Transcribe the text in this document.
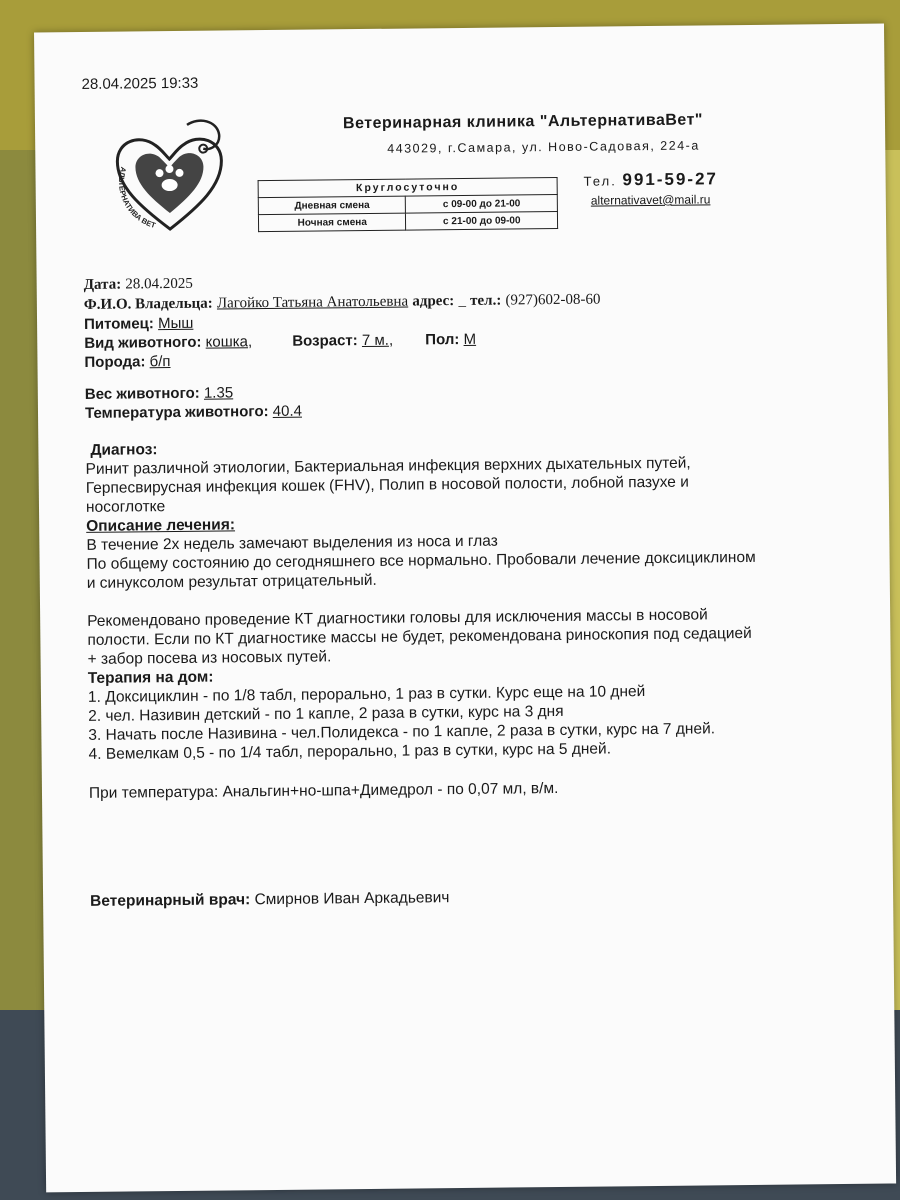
28.04.2025 19:33
АЛЬТЕРНАТИВА ВЕТ
Ветеринарная клиника "АльтернативаВет"
443029, г.Самара, ул. Ново-Садовая, 224-а
Круглосуточно	
Дневная смена	с 09-00 до 21-00
Ночная смена	с 21-00 до 09-00
Тел. 991-59-27
alternativavet@mail.ru
Дата: 28.04.2025
Ф.И.О. Владельца: Лагойко Татьяна Анатольевна адрес: _ тел.: (927)602-08-60
Питомец: Мыш
Вид животного: кошка,	Возраст: 7 м., Пол: М
Порода: б/п
Вес животного: 1.35
Температура животного: 40.4
Диагноз:
Ринит различной этиологии, Бактериальная инфекция верхних дыхательных путей,
Герпесвирусная инфекция кошек (FHV), Полип в носовой полости, лобной пазухе и
носоглотке
Описание лечения:
В течение 2х недель замечают выделения из носа и глаз
По общему состоянию до сегодняшнего все нормально. Пробовали лечение доксициклином
и синуксолом результат отрицательный.
Рекомендовано проведение КТ диагностики головы для исключения массы в носовой
полости. Если по КТ диагностике массы не будет, рекомендована риноскопия под седацией
+ забор посева из носовых путей.
Терапия на дом:
1. Доксициклин - по 1/8 табл, перорально, 1 раз в сутки. Курс еще на 10 дней
2. чел. Називин детский - по 1 капле, 2 раза в сутки, курс на 3 дня
3. Начать после Називина - чел.Полидекса - по 1 капле, 2 раза в сутки, курс на 7 дней.
4. Вемелкам 0,5 - по 1/4 табл, перорально, 1 раз в сутки, курс на 5 дней.
При температура: Анальгин+но-шпа+Димедрол - по 0,07 мл, в/м.
Ветеринарный врач: Смирнов Иван Аркадьевич
